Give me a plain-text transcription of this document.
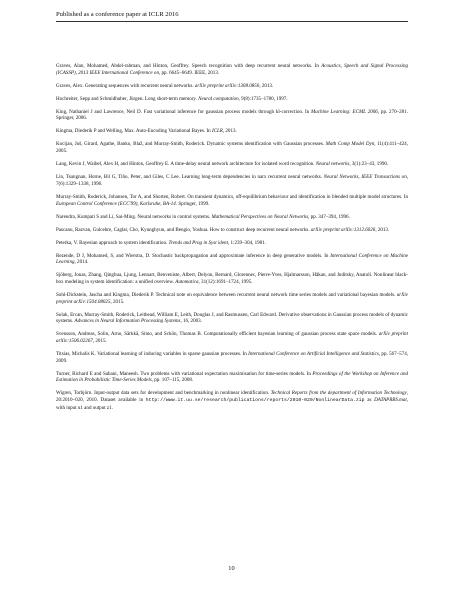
Published as a conference paper at ICLR 2016

Graves, Alan, Mohamed, Abdel-rahman, and Hinton, Geoffrey. Speech recognition with deep recurrent neural networks. In Acoustics, Speech and Signal Processing (ICASSP), 2013 IEEE International Conference on, pp. 6645–6649. IEEE, 2013.

Graves, Alex. Generating sequences with recurrent neural networks. arXiv preprint arXiv:1308.0850, 2013.

Hochreiter, Sepp and Schmidhuber, Jürgen. Long short-term memory. Neural computation, 9(8):1735–1780, 1997.

King, Nathaniel J and Lawrence, Neil D. Fast variational inference for gaussian process models through kl-correction. In Machine Learning: ECML 2006, pp. 270–281. Springer, 2006.

Kingma, Diederik P and Welling, Max. Auto-Encoding Variational Bayes. In ICLR, 2013.

Kocijan, Juš, Girard, Agathe, Banko, Blaž, and Murray-Smith, Roderick. Dynamic systems identification with Gaussian processes. Math Comp Model Dyn, 11(4):411–424, 2005.

Lang, Kevin J, Waibel, Alex H, and Hinton, Geoffrey E. A time-delay neural network architecture for isolated word recognition. Neural networks, 3(1):23–43, 1990.

Lin, Tsungnan, Horne, Bil G, Tiňo, Peter, and Giles, C Lee. Learning long-term dependencies in narx recurrent neural networks. Neural Networks, IEEE Transactions on, 7(6):1329–1338, 1996.

Murray-Smith, Roderick, Johansen, Tor A, and Shorten, Robert. On transient dynamics, off-equilibrium behaviour and identification in blended multiple model structures. In European Control Conference (ECC'99), Karlsruhe, BA-14. Springer, 1999.

Narendra, Kumpati S and Li, Sai-Ming. Neural networks in control systems. Mathematical Perspectives on Neural Networks, pp. 347–394, 1996.

Pascanu, Razvan, Gulcehre, Caglar, Cho, Kyunghyun, and Bengio, Yoshua. How to construct deep recurrent neural networks. arXiv preprint arXiv:1312.6026, 2013.

Peterka, V. Bayesian approach to system identification. Trends and Prog in Syst ident, 1:239–304, 1981.

Rezende, D J, Mohamed, S, and Wierstra, D. Stochastic backpropagation and approximate inference in deep generative models. In International Conference on Machine Learning, 2014.

Sjöberg, Jonas, Zhang, Qinghua, Ljung, Lennart, Benveniste, Albert, Delyon, Bernard, Glorennec, Pierre-Yves, Hjalmarsson, Håkan, and Juditsky, Anatoli. Nonlinear black-box modeling in system identification: a unified overview. Automatica, 31(12):1691–1724, 1995.

Sohl-Dickstein, Jascha and Kingma, Diederik P. Technical note on equivalence between recurrent neural network time series models and variational bayesian models. arXiv preprint arXiv:1504.08025, 2015.

Solak, Ercan, Murray-Smith, Roderick, Leithead, William E, Leith, Douglas J, and Rasmussen, Carl Edward. Derivative observations in Gaussian process models of dynamic systems. Advances in Neural Information Processing Systems, 16, 2003.

Svensson, Andreas, Solin, Arno, Särkkä, Simo, and Schön, Thomas B. Computationally efficient bayesian learning of gaussian process state space models. arXiv preprint arXiv:1506.02267, 2015.

Titsias, Michalis K. Variational learning of inducing variables in sparse gaussian processes. In International Conference on Artificial Intelligence and Statistics, pp. 567–574, 2009.

Turner, Richard E and Sahani, Maneesh. Two problems with variational expectation maximisation for time-series models. In Proceedings of the Workshop on Inference and Estimation in Probabilistic Time-Series Models, pp. 107–115, 2008.

Wigren, Torbjörn. Input-output data sets for development and benchmarking in nonlinear identification. Technical Reports from the department of Information Technology, 20:2010–020, 2010. Dataset available in http://www.it.uu.se/research/publications/reports/2010-020/NonlinearData.zip as DATAPRBS.mat, with input u1 and output z1.

10
